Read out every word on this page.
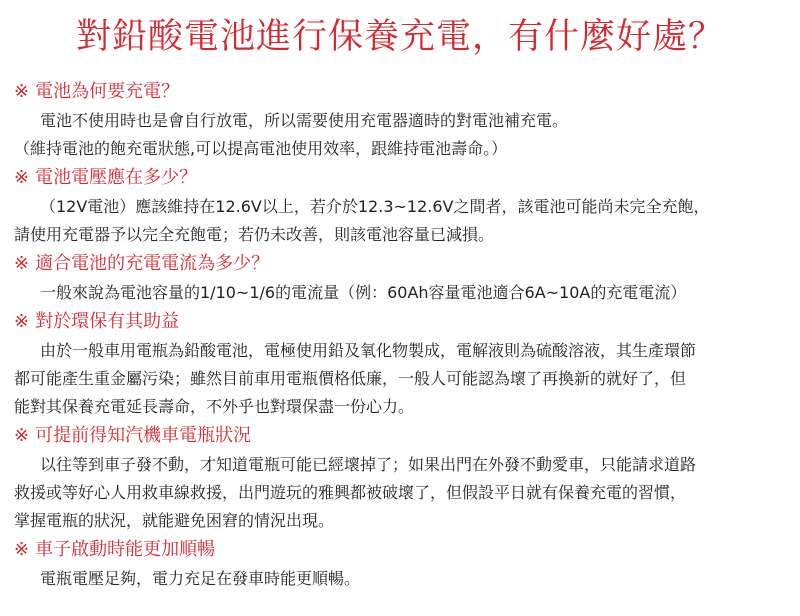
對鉛酸電池進行保養充電，有什麼好處？
※ 電池為何要充電？
電池不使用時也是會自行放電，所以需要使用充電器適時的對電池補充電。
（維持電池的飽充電狀態,可以提高電池使用效率，跟維持電池壽命。）
※ 電池電壓應在多少？
（12V電池）應該維持在12.6V以上，若介於12.3~12.6V之間者，該電池可能尚未完全充飽，
請使用充電器予以完全充飽電；若仍未改善，則該電池容量已減損。
※ 適合電池的充電電流為多少？
一般來說為電池容量的1/10~1/6的電流量（例：60Ah容量電池適合6A~10A的充電電流）
※ 對於環保有其助益
由於一般車用電瓶為鉛酸電池，電極使用鉛及氧化物製成，電解液則為硫酸溶液，其生產環節
都可能產生重金屬污染；雖然目前車用電瓶價格低廉，一般人可能認為壞了再換新的就好了，但
能對其保養充電延長壽命，不外乎也對環保盡一份心力。
※ 可提前得知汽機車電瓶狀況
以往等到車子發不動，才知道電瓶可能已經壞掉了；如果出門在外發不動愛車，只能請求道路
救援或等好心人用救車線救援，出門遊玩的雅興都被破壞了，但假設平日就有保養充電的習慣，
掌握電瓶的狀況，就能避免困窘的情況出現。
※ 車子啟動時能更加順暢
電瓶電壓足夠，電力充足在發車時能更順暢。
